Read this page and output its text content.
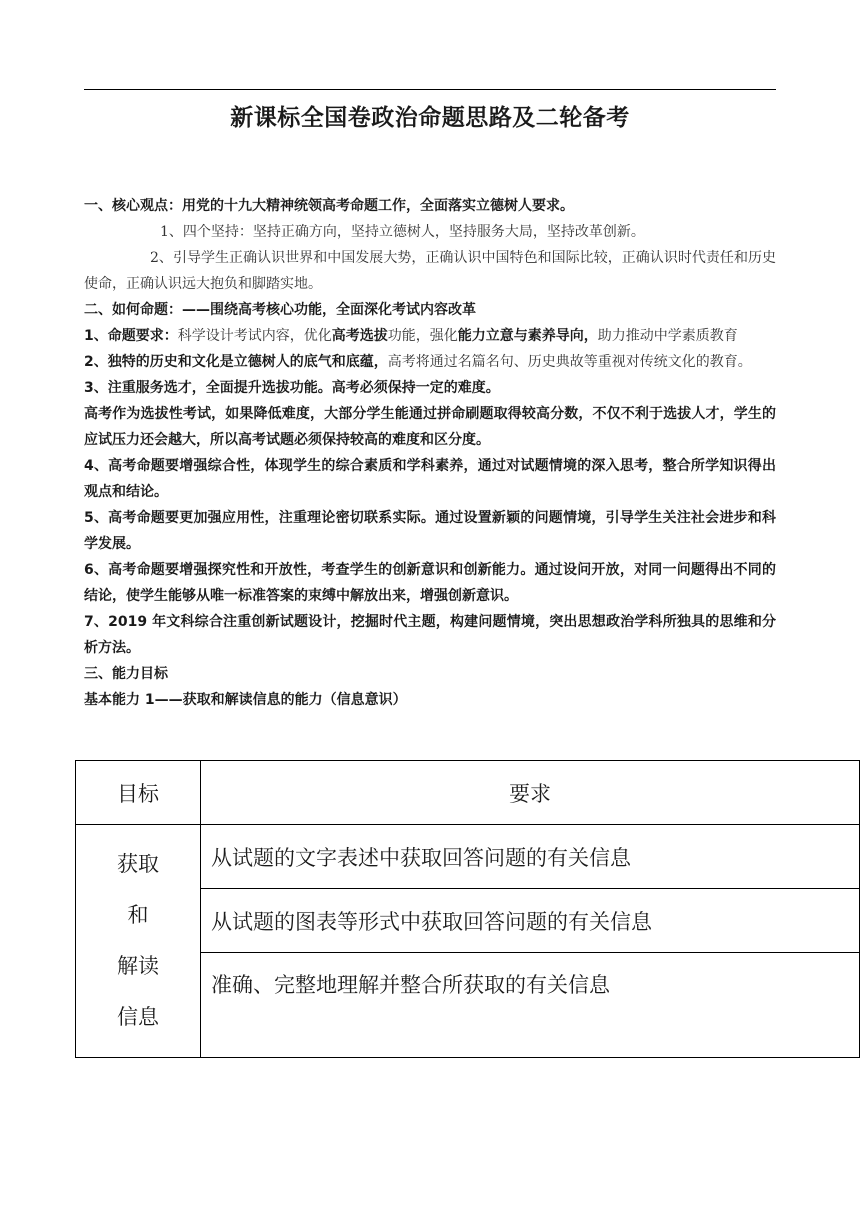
新课标全国卷政治命题思路及二轮备考

一、核心观点：用党的十九大精神统领高考命题工作，全面落实立德树人要求。

1、四个坚持：坚持正确方向，坚持立德树人，坚持服务大局，坚持改革创新。

2、引导学生正确认识世界和中国发展大势，正确认识中国特色和国际比较，正确认识时代责任和历史使命，正确认识远大抱负和脚踏实地。

二、如何命题：——围绕高考核心功能，全面深化考试内容改革

1、命题要求：科学设计考试内容，优化高考选拔功能，强化能力立意与素养导向，助力推动中学素质教育

2、独特的历史和文化是立德树人的底气和底蕴，高考将通过名篇名句、历史典故等重视对传统文化的教育。

3、注重服务选才，全面提升选拔功能。高考必须保持一定的难度。

高考作为选拔性考试，如果降低难度，大部分学生能通过拼命刷题取得较高分数，不仅不利于选拔人才，学生的应试压力还会越大，所以高考试题必须保持较高的难度和区分度。

4、高考命题要增强综合性，体现学生的综合素质和学科素养，通过对试题情境的深入思考，整合所学知识得出观点和结论。

5、高考命题要更加强应用性，注重理论密切联系实际。通过设置新颖的问题情境，引导学生关注社会进步和科学发展。

6、高考命题要增强探究性和开放性，考查学生的创新意识和创新能力。通过设问开放，对同一问题得出不同的结论，使学生能够从唯一标准答案的束缚中解放出来，增强创新意识。

7、2019 年文科综合注重创新试题设计，挖掘时代主题，构建问题情境，突出思想政治学科所独具的思维和分析方法。

三、能力目标

基本能力 1——获取和解读信息的能力（信息意识）

目标	要求

获取
和
解读
信息	从试题的文字表述中获取回答问题的有关信息
	从试题的图表等形式中获取回答问题的有关信息
	准确、完整地理解并整合所获取的有关信息
